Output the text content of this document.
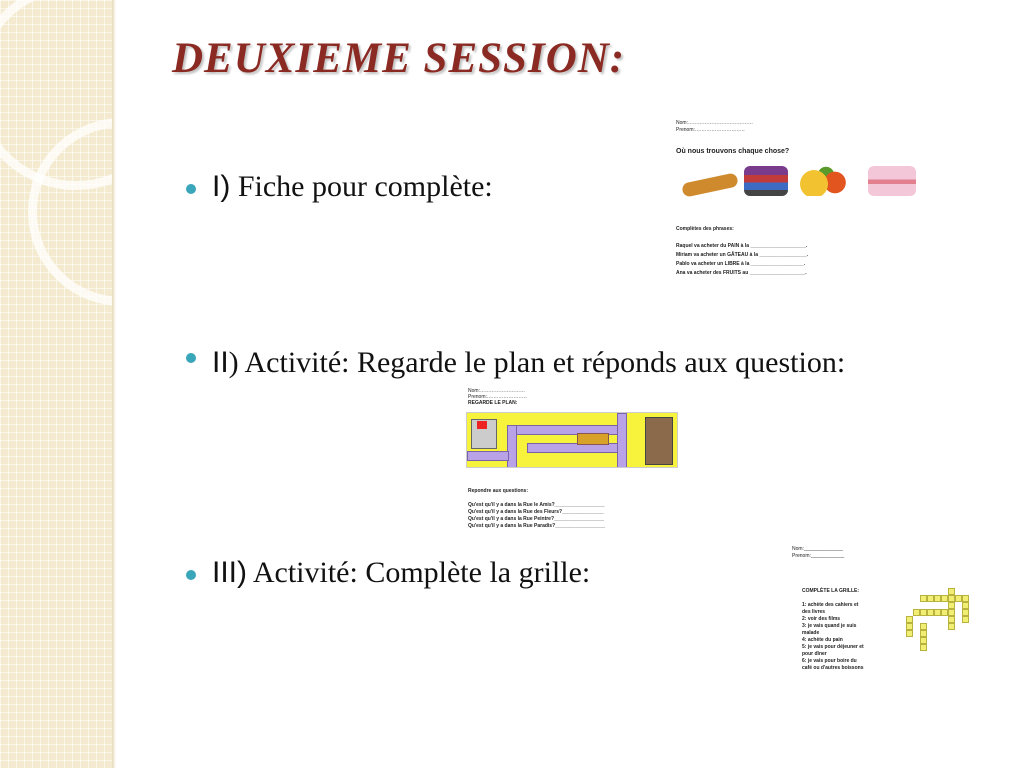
DEUXIEME SESSION:
I) Fiche pour complète:
II) Activité: Regarde le plan et réponds aux question:
III) Activité: Complète la grille:
Nom:…………………………………
Prenom:…………………………
Où nous trouvons chaque chose?
Complètes des phrases:
Raquel va acheter du PAIN à la ____________________.
Miriam va acheter un GÂTEAU à la _________________.
Pablo va acheter un LIBRE à la ___________________.
Ana va acheter des FRUITS au ____________________.
Nom:………………………
Prenom:……………………
REGARDE LE PLAN:
Repondre aux questions:
Qu'est qu'il y a dans la Rue le Amis?__________________
Qu'est qu'il y a dans la Rue des Fleurs?_______________
Qu'est qu'il y a dans la Rue Peintre?__________________
Qu'est qu'il y a dans la Rue Paradis?__________________
Nom:______________
Prenom:____________
COMPLÈTE LA GRILLE:
1: achète des cahiers et des livres
2: voir des films
3: je vais quand je suis malade
4: achète du pain
5: je vais pour déjeuner et pour dîner
6: je vais pour boire du café ou d'autres boissons
